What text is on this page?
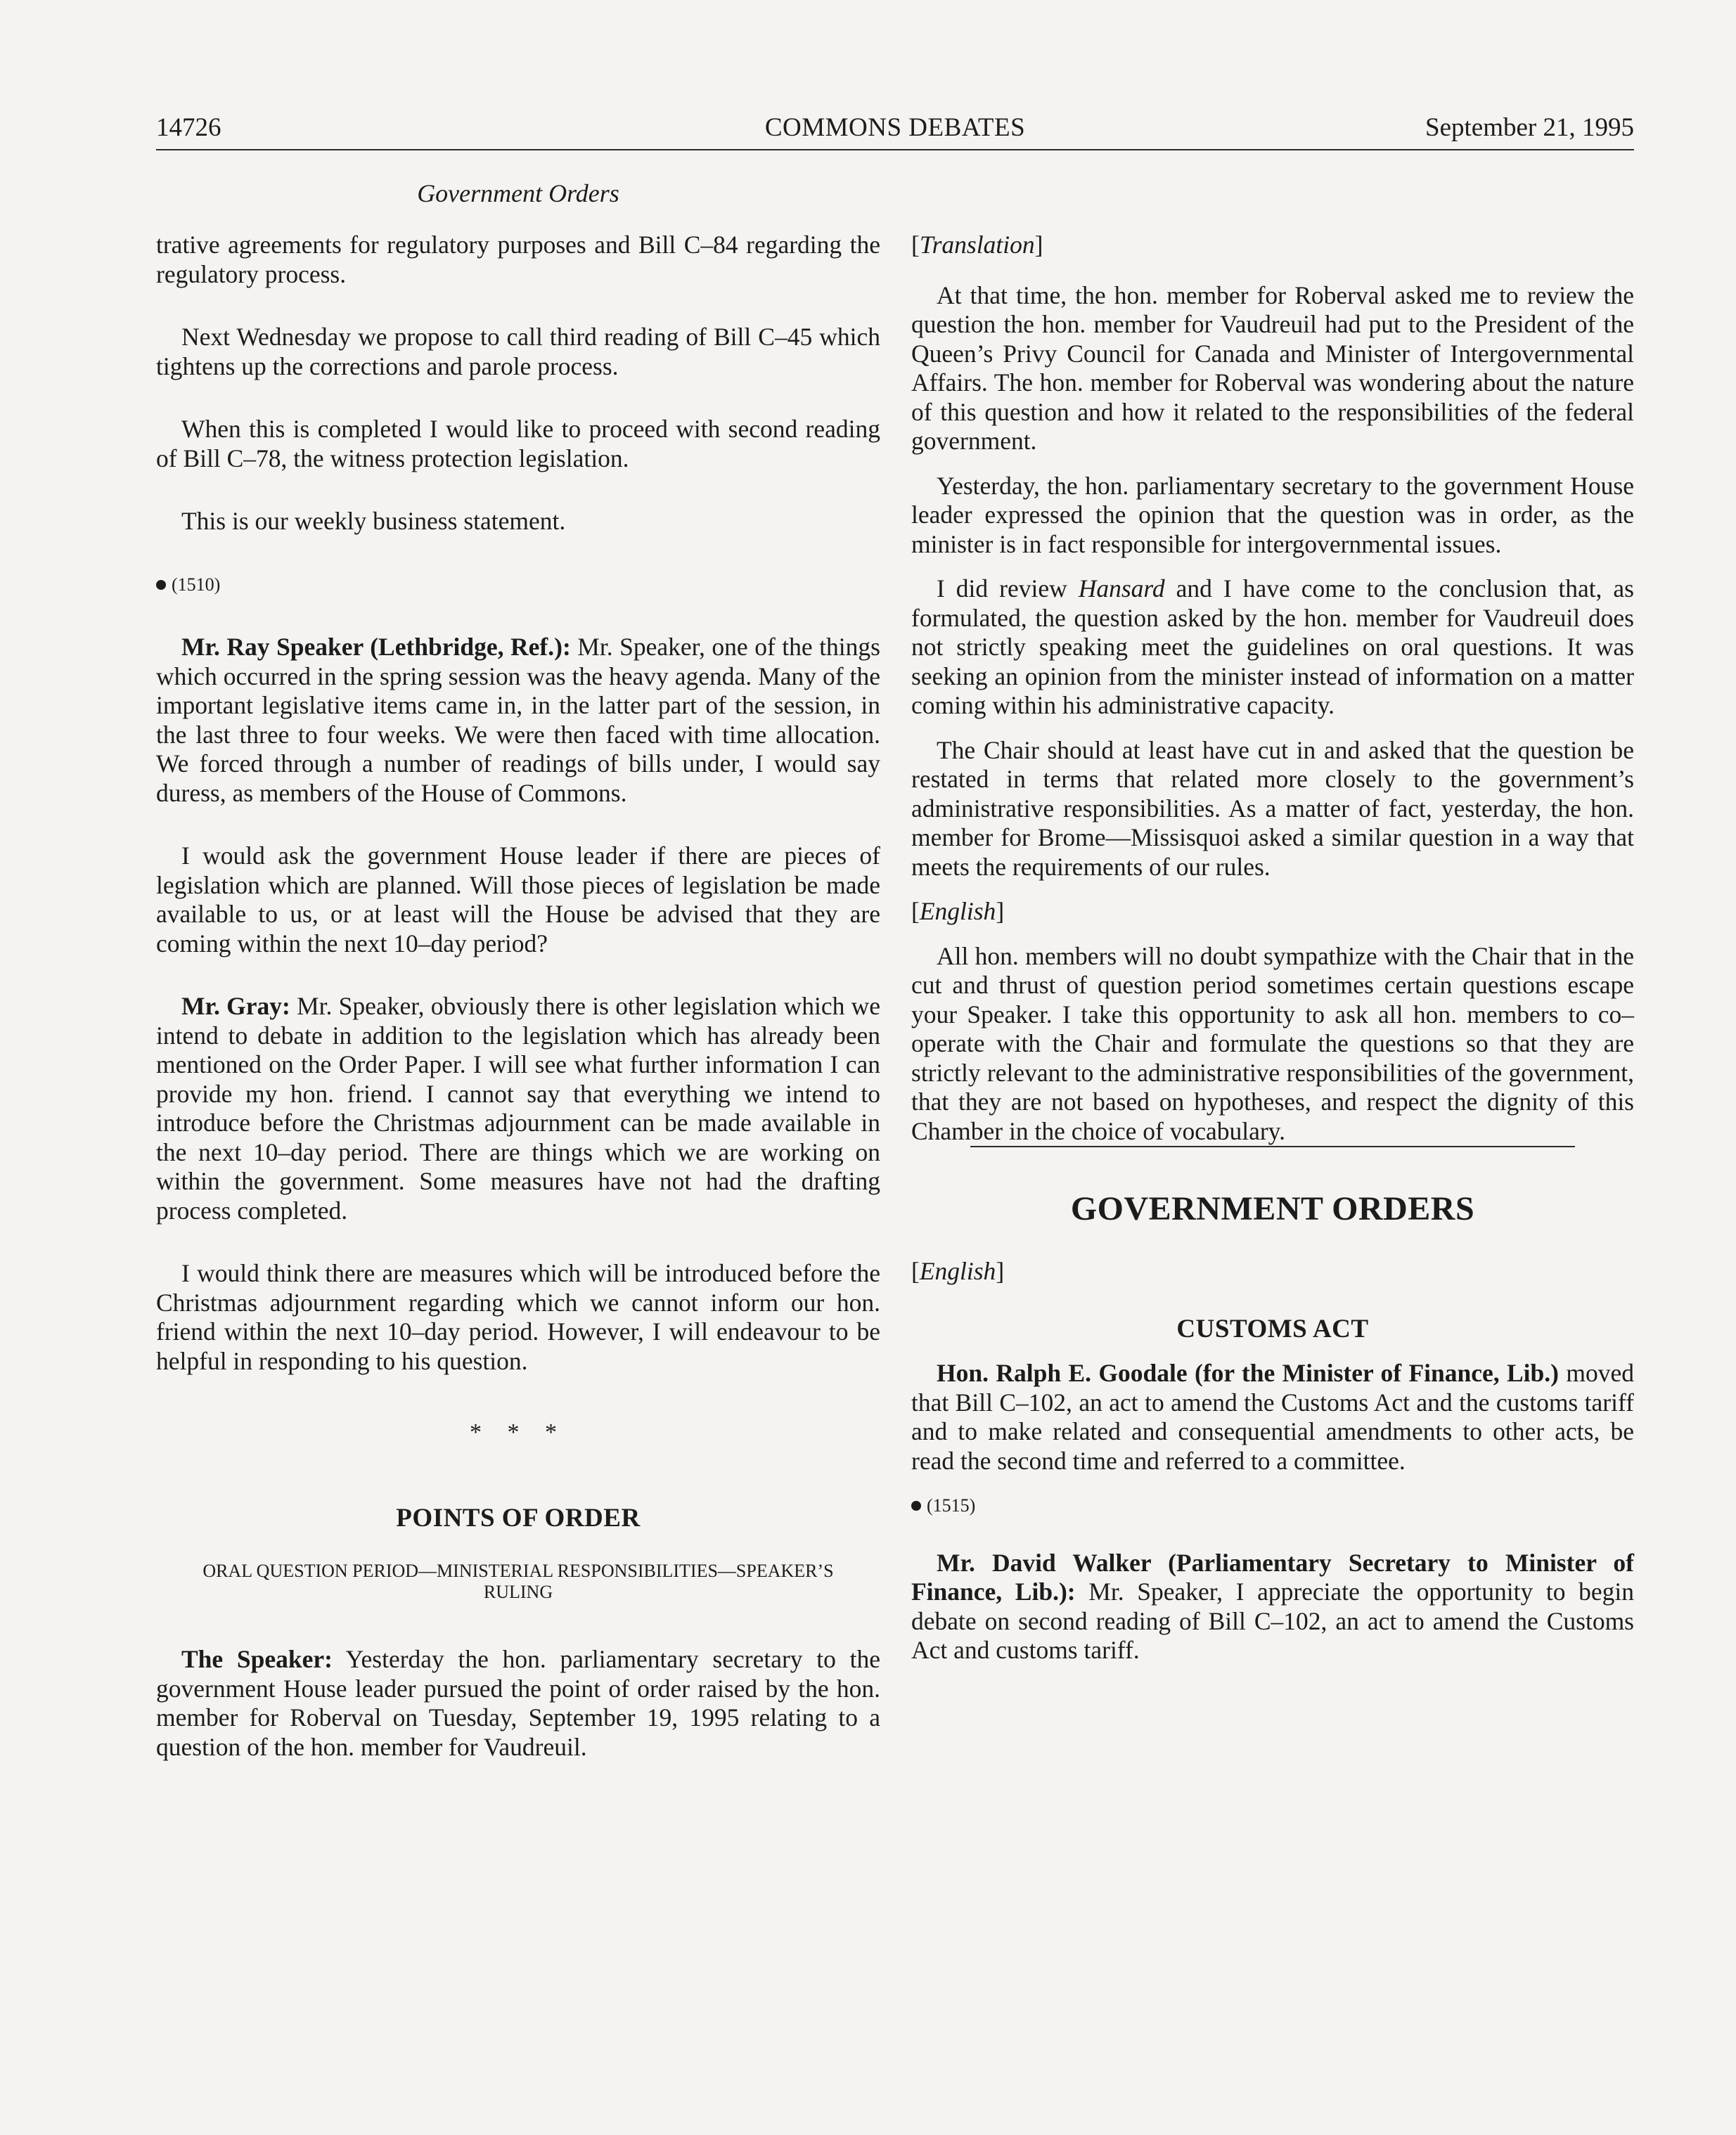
14726	COMMONS DEBATES	September 21, 1995
Government Orders

trative agreements for regulatory purposes and Bill C–84 regarding the regulatory process.

Next Wednesday we propose to call third reading of Bill C–45 which tightens up the corrections and parole process.

When this is completed I would like to proceed with second reading of Bill C–78, the witness protection legislation.

This is our weekly business statement.

(1510)

Mr. Ray Speaker (Lethbridge, Ref.): Mr. Speaker, one of the things which occurred in the spring session was the heavy agenda. Many of the important legislative items came in, in the latter part of the session, in the last three to four weeks. We were then faced with time allocation. We forced through a number of readings of bills under, I would say duress, as members of the House of Commons.

I would ask the government House leader if there are pieces of legislation which are planned. Will those pieces of legislation be made available to us, or at least will the House be advised that they are coming within the next 10–day period?

Mr. Gray: Mr. Speaker, obviously there is other legislation which we intend to debate in addition to the legislation which has already been mentioned on the Order Paper. I will see what further information I can provide my hon. friend. I cannot say that everything we intend to introduce before the Christmas adjournment can be made available in the next 10–day period. There are things which we are working on within the government. Some measures have not had the drafting process completed.

I would think there are measures which will be introduced before the Christmas adjournment regarding which we cannot inform our hon. friend within the next 10–day period. However, I will endeavour to be helpful in responding to his question.

* * *

POINTS OF ORDER

ORAL QUESTION PERIOD—MINISTERIAL RESPONSIBILITIES—SPEAKER’S RULING

The Speaker: Yesterday the hon. parliamentary secretary to the government House leader pursued the point of order raised by the hon. member for Roberval on Tuesday, September 19, 1995 relating to a question of the hon. member for Vaudreuil.

[Translation]

At that time, the hon. member for Roberval asked me to review the question the hon. member for Vaudreuil had put to the President of the Queen’s Privy Council for Canada and Minister of Intergovernmental Affairs. The hon. member for Roberval was wondering about the nature of this question and how it related to the responsibilities of the federal government.

Yesterday, the hon. parliamentary secretary to the government House leader expressed the opinion that the question was in order, as the minister is in fact responsible for intergovernmental issues.

I did review Hansard and I have come to the conclusion that, as formulated, the question asked by the hon. member for Vaudreuil does not strictly speaking meet the guidelines on oral questions. It was seeking an opinion from the minister instead of information on a matter coming within his administrative capacity.

The Chair should at least have cut in and asked that the question be restated in terms that related more closely to the government’s administrative responsibilities. As a matter of fact, yesterday, the hon. member for Brome—Missisquoi asked a similar question in a way that meets the requirements of our rules.

[English]

All hon. members will no doubt sympathize with the Chair that in the cut and thrust of question period sometimes certain questions escape your Speaker. I take this opportunity to ask all hon. members to co–operate with the Chair and formulate the questions so that they are strictly relevant to the administrative responsibilities of the government, that they are not based on hypotheses, and respect the dignity of this Chamber in the choice of vocabulary.

GOVERNMENT ORDERS

[English]

CUSTOMS ACT

Hon. Ralph E. Goodale (for the Minister of Finance, Lib.) moved that Bill C–102, an act to amend the Customs Act and the customs tariff and to make related and consequential amendments to other acts, be read the second time and referred to a committee.

(1515)

Mr. David Walker (Parliamentary Secretary to Minister of Finance, Lib.): Mr. Speaker, I appreciate the opportunity to begin debate on second reading of Bill C–102, an act to amend the Customs Act and customs tariff.
